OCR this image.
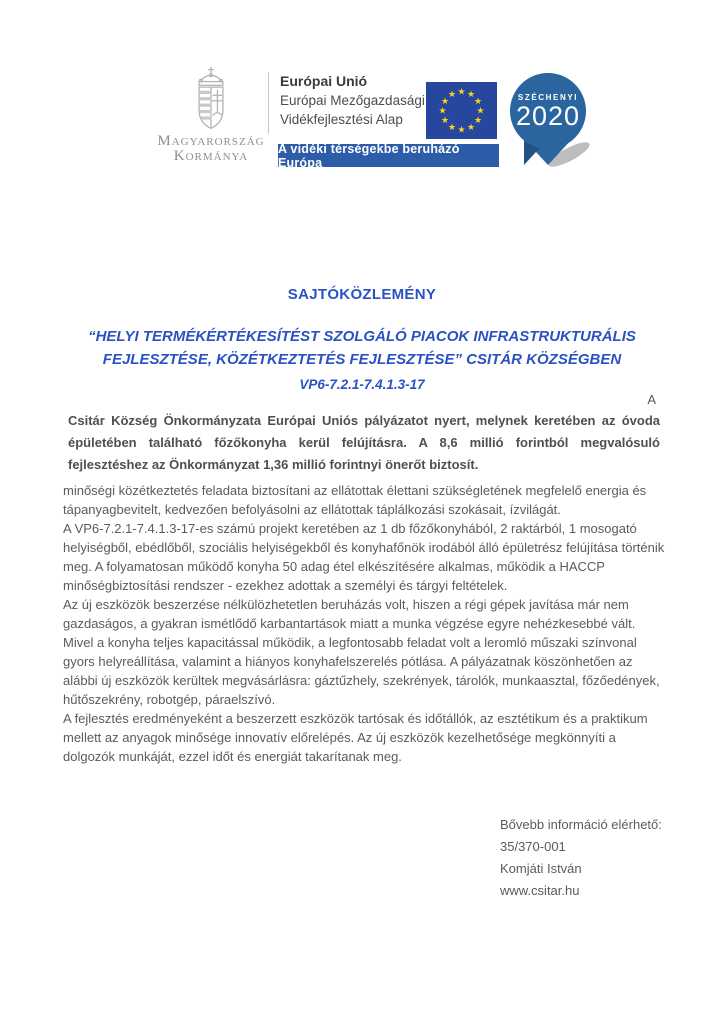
Magyarország
Kormánya
Európai Unió
Európai Mezőgazdasági
Vidékfejlesztési Alap
★ ★
★
★
★
★
★
★
★
★
★
★
A vidéki térségekbe beruházó Európa
SZÉCHENYI
2020
SAJTÓKÖZLEMÉNY
“HELYI TERMÉKÉRTÉKESÍTÉST SZOLGÁLÓ PIACOK INFRASTRUKTURÁLIS FEJLESZTÉSE, KÖZÉTKEZTETÉS FEJLESZTÉSE” CSITÁR KÖZSÉGBEN
VP6-7.2.1-7.4.1.3-17
A
Csitár Község Önkormányzata Európai Uniós pályázatot nyert, melynek keretében az óvoda épületében található főzőkonyha kerül felújításra. A 8,6 millió forintból megvalósuló fejlesztéshez az Önkormányzat 1,36 millió forintnyi önerőt biztosít.

minőségi közétkeztetés feladata biztosítani az ellátottak élettani szükségletének megfelelő energia és tápanyagbevitelt, kedvezően befolyásolni az ellátottak táplálkozási szokásait, ízvilágát.

A VP6-7.2.1-7.4.1.3-17-es számú projekt keretében az 1 db főzőkonyhából, 2 raktárból, 1 mosogató helyiségből, ebédlőből, szociális helyiségekből és konyhafőnök irodából álló épületrész felújítása történik meg. A folyamatosan működő konyha 50 adag étel elkészítésére alkalmas, működik a HACCP minőségbiztosítási rendszer - ezekhez adottak a személyi és tárgyi feltételek.

Az új eszközök beszerzése nélkülözhetetlen beruházás volt, hiszen a régi gépek javítása már nem gazdaságos, a gyakran ismétlődő karbantartások miatt a munka végzése egyre nehézkesebbé vált. Mivel a konyha teljes kapacitással működik, a legfontosabb feladat volt a leromló műszaki színvonal gyors helyreállítása, valamint a hiányos konyhafelszerelés pótlása. A pályázatnak köszönhetően az alábbi új eszközök kerültek megvásárlásra: gáztűzhely, szekrények, tárolók, munkaasztal, főzőedények, hűtőszekrény, robotgép, páraelszívó.

A fejlesztés eredményeként a beszerzett eszközök tartósak és időtállók, az esztétikum és a praktikum mellett az anyagok minősége innovatív előrelépés. Az új eszközök kezelhetősége megkönnyíti a dolgozók munkáját, ezzel időt és energiát takarítanak meg.

Bővebb információ elérhető:
35/370-001
Komjáti István
www.csitar.hu
